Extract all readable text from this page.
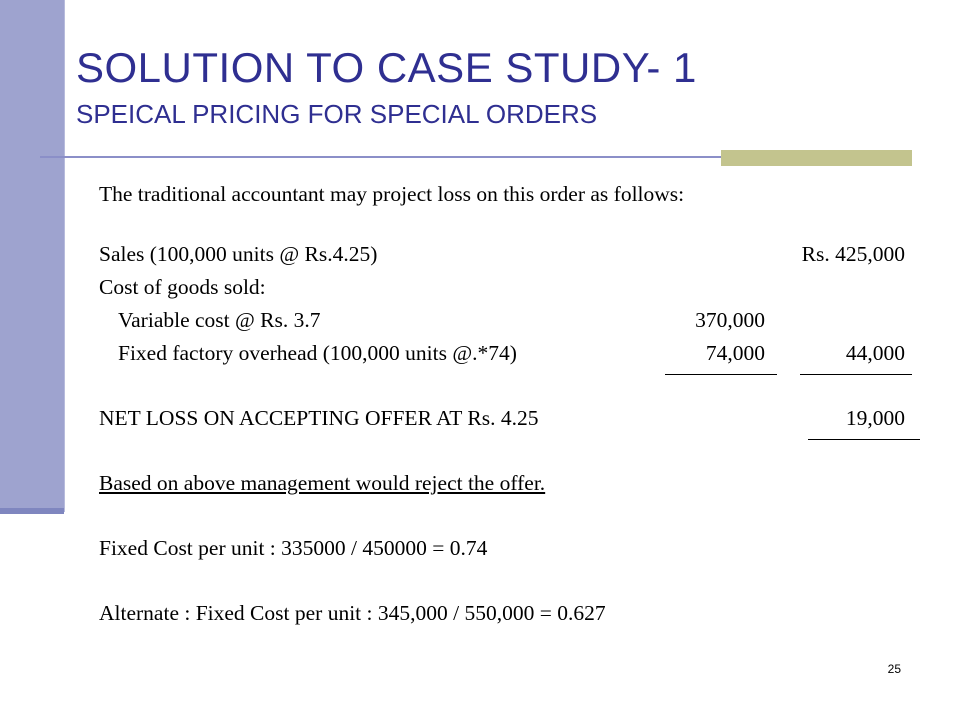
SOLUTION TO CASE STUDY- 1
SPEICAL PRICING FOR SPECIAL ORDERS

The traditional accountant may project loss on this order as follows:

Sales (100,000 units @ Rs.4.25)	Rs. 425,000

Cost of goods sold:

Variable cost @ Rs. 3.7	370,000

Fixed factory overhead (100,000 units @.*74)	74,000	44,000

NET LOSS ON ACCEPTING OFFER AT Rs. 4.25	19,000

Based on above management would reject the offer.

Fixed Cost per unit : 335000 / 450000 = 0.74

Alternate : Fixed Cost per unit : 345,000 / 550,000 = 0.627

25
